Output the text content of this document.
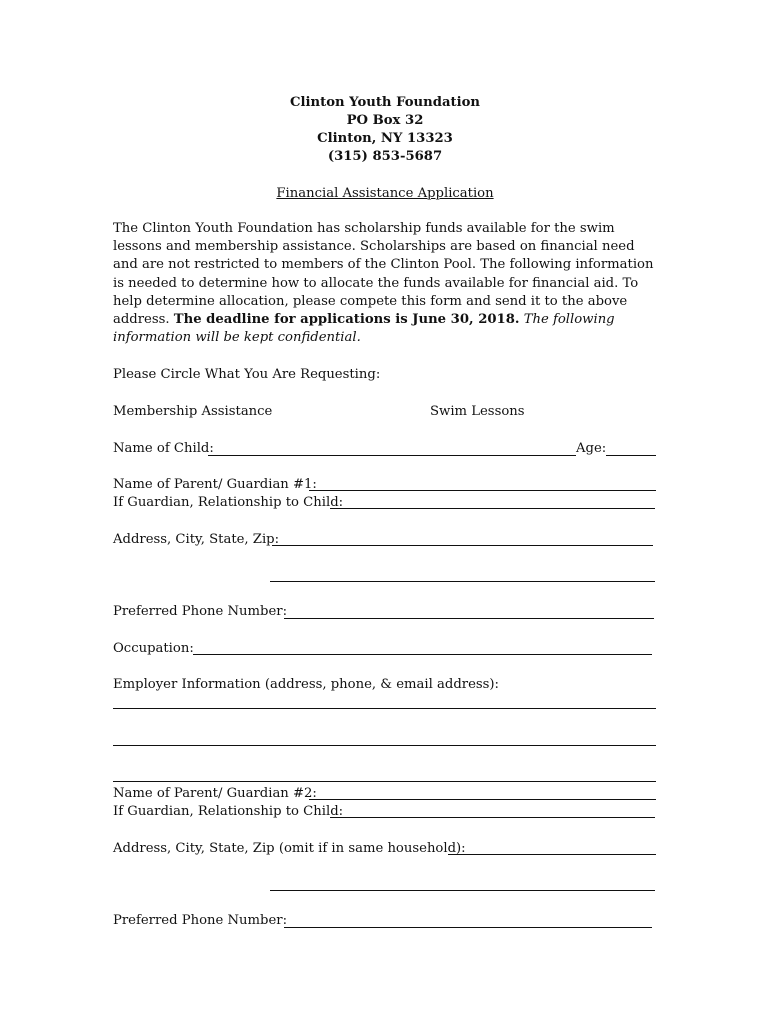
Clinton Youth Foundation
PO Box 32
Clinton, NY 13323
(315) 853-5687
Financial Assistance Application
The Clinton Youth Foundation has scholarship funds available for the swim lessons and membership assistance. Scholarships are based on financial need and are not restricted to members of the Clinton Pool. The following information is needed to determine how to allocate the funds available for financial aid. To help determine allocation, please compete this form and send it to the above address. The deadline for applications is June 30, 2018. The following information will be kept confidential.
Please Circle What You Are Requesting:
Membership Assistance	Swim Lessons
Name of Child:	Age:
Name of Parent/ Guardian #1:
If Guardian, Relationship to Child:
Address, City, State, Zip:
Preferred Phone Number:
Occupation:
Employer Information (address, phone, & email address):
Name of Parent/ Guardian #2:
If Guardian, Relationship to Child:
Address, City, State, Zip (omit if in same household):
Preferred Phone Number:
